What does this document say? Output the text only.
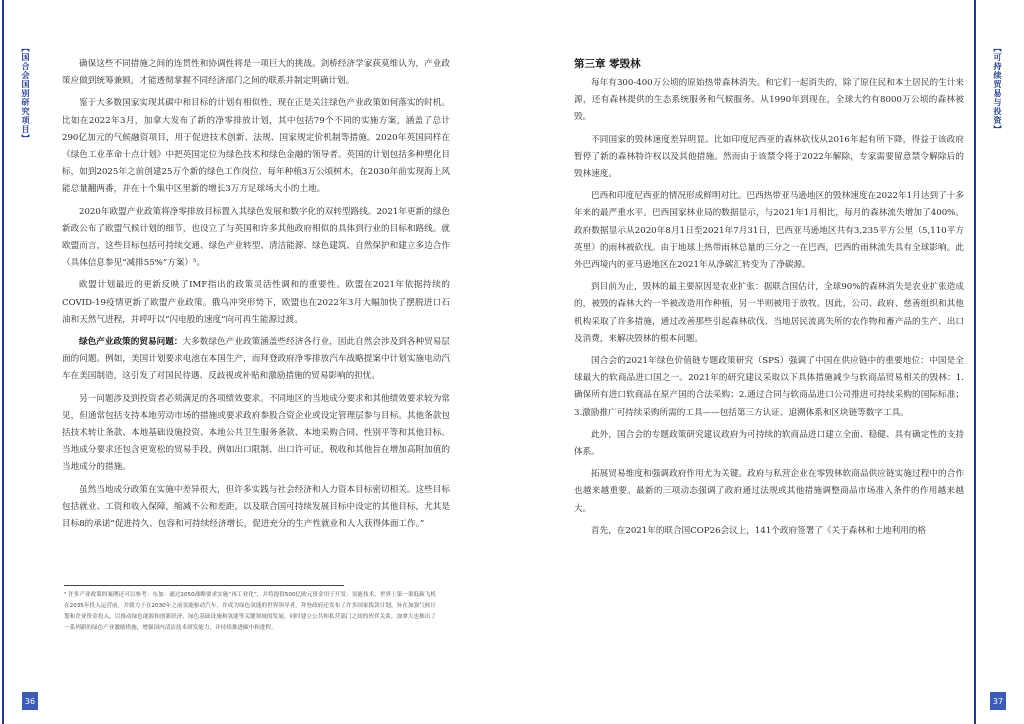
【国合会国别研究项目】	确保这些不同措施之间的连贯性和协调性将是一项巨大的挑战。剑桥经济学家荻莫维认为，产业政策应做到统筹兼顾，才能透彻掌握不同经济部门之间的联系并制定明确计划。

鉴于大多数国家实现其碳中和目标的计划有相似性，现在正是关注绿色产业政策如何落实的时机。比如在2022年3月，加拿大发布了新的净零排放计划，其中包括79个不同的实施方案，涵盖了总计290亿加元的气候融资项目，用于促进技术创新、法规、国家规定价机制等措施。2020年英国同样在《绿色工业革命十点计划》中把英国定位为绿色技术和绿色金融的领导者。英国的计划包括多种塑化目标，如到2025年之前创建25万个新的绿色工作岗位、每年种植3万公顷树木，在2030年前实现海上风能总量翻两番，并在十个集中区里新的增长3万方足球场大小的土地。

2020年欧盟产业政策将净零排放目标置入其绿色发展和数字化的双转型路线。2021年更新的绿色新政公布了欧盟气候计划的细节，也设立了与英国和许多其他政府相似的具体到行业的目标和路线。就欧盟而言，这些目标包括可持续交通、绿色产业转型、清洁能源、绿色建筑、自然保护和建立多边合作（具体信息参见“减排55%”方案）⁵。

欧盟计划最近的更新反映了IMF指出的政策灵活性调和的重要性。欧盟在2021年依据持续的COVID-19疫情更新了欧盟产业政策。俄乌冲突形势下，欧盟也在2022年3月大幅加快了摆脱进口石油和天然气进程，并呼吁以“闪电般的速度”向可再生能源过渡。

绿色产业政策的贸易问题：大多数绿色产业政策涵盖些经济各行业，因此自然会涉及到各种贸易层面的问题。例如，美国计划要求电池在本国生产，而拜登政府净零排放汽车战略提案中计划实施电动汽车在美国制造，这引发了对国民待遇、反歧视或补贴和激励措施的贸易影响的担忧。

另一问题涉及到投资者必须满足的各项绩效要求。不同地区的当地成分要求和其他绩效要求较为常见，但通常包括支持本地劳动市场的措施或要求政府参股合资企业或设定管理层参与目标。其他条款包括技术转让条款、本地基础设施投资、本地公共卫生服务条款、本地采购合同、性别平等和其他目标。当地成分要求还包含更宽松的贸易手段，例如出口限制、出口许可证，税收和其他旨在增加高附加值的当地成分的措施。

虽然当地成分政策在实施中差异很大，但许多实践与社会经济和人力资本目标密切相关。这些目标包括就业、工资和收入保障，缩减不公和差距，以及联合国可持续发展目标中设定的其他目标，尤其是目标8的承诺“促进持久、包容和可持续经济增长，促进充分的生产性就业和人人获得体面工作。”

⁵ 许多产业政策的案例还可以参考：东加：通过2050战略要求实施“再工业化”，并将提供500亿欧元资金用于开发：氢能技术、世界上第一架低碳飞机在2035年投入运营前，并致力于在2030年之前氢能驱动汽车，并成为绿色氢能的世界领导者。拜登政府还发布了许多国家拨款计划，旨在加强气候计划和企业资金投入，以推动绿色能源和创新经济、绿色基础设施和氢能等关键领域的发展，同时建立公共和私营部门之间的伙伴关系。加拿大也推出了一系列新的绿色产业激励措施，增强国内清洁技术研发能力，并持续推进碳中和进程。
36
【可持续贸易与投资】
第三章 零毁林

每年有300-400万公顷的原始热带森林消失。和它们一起消失的，除了原住民和本土居民的生计来源，还有森林提供的生态系统服务和气候服务。从1990年到现在，全球大约有8000万公顷的森林被毁。

不同国家的毁林速度差异明显。比如印度尼西亚的森林砍伐从2016年起有所下降，得益于该政府暂停了新的森林特许权以及其他措施。然而由于该禁令将于2022年解除，专家需要留意禁令解除后的毁林速度。

巴西和印度尼西亚的情况形成鲜明对比。巴西热带亚马逊地区的毁林速度在2022年1月达到了十多年来的最严重水平。巴西国家林业局的数据显示，与2021年1月相比，每月的森林流失增加了400%。政府数据显示从2020年8月1日至2021年7月31日，巴西亚马逊地区共有3,235平方公里（5,110平方英里）的雨林被砍伐。由于地球上热带雨林总量的三分之一在巴西，巴西的雨林流失具有全球影响。此外巴西境内的亚马逊地区在2021年从净碳汇转变为了净碳源。

到目前为止，毁林的最主要原因是农业扩张：据联合国估计，全球90%的森林消失是农业扩张造成的，被毁的森林大约一半被改造用作种植，另一半则被用于放牧。因此，公司、政府、慈善组织和其他机构采取了许多措施，通过改善那些引起森林砍伐、当地居民流离失所的农作物和畜产品的生产、出口及消费，来解决毁林的根本问题。

国合会的2021年绿色价值链专题政策研究（SPS）强调了中国在供应链中的重要地位：中国是全球最大的软商品进口国之一。2021年的研究建议采取以下具体措施减少与软商品贸易相关的毁林：1.确保所有进口软商品在原产国的合法采购；2.通过合同与软商品进口公司推进可持续采购的国际标准；3.激励推广可持续采购所需的工具——包括第三方认证、追溯体系和区块链等数字工具。

此外，国合会的专题政策研究建议政府为可持续的软商品进口建立全面、稳健、具有确定性的支持体系。

拓展贸易维度和强调政府作用尤为关键。政府与私营企业在零毁林软商品供应链实施过程中的合作也越来越重要。最新的三项动态强调了政府通过法规或其他措施调整商品市场准入条件的作用越来越大。

首先，在2021年的联合国COP26会议上，141个政府签署了《关于森林和土地利用的格

37
